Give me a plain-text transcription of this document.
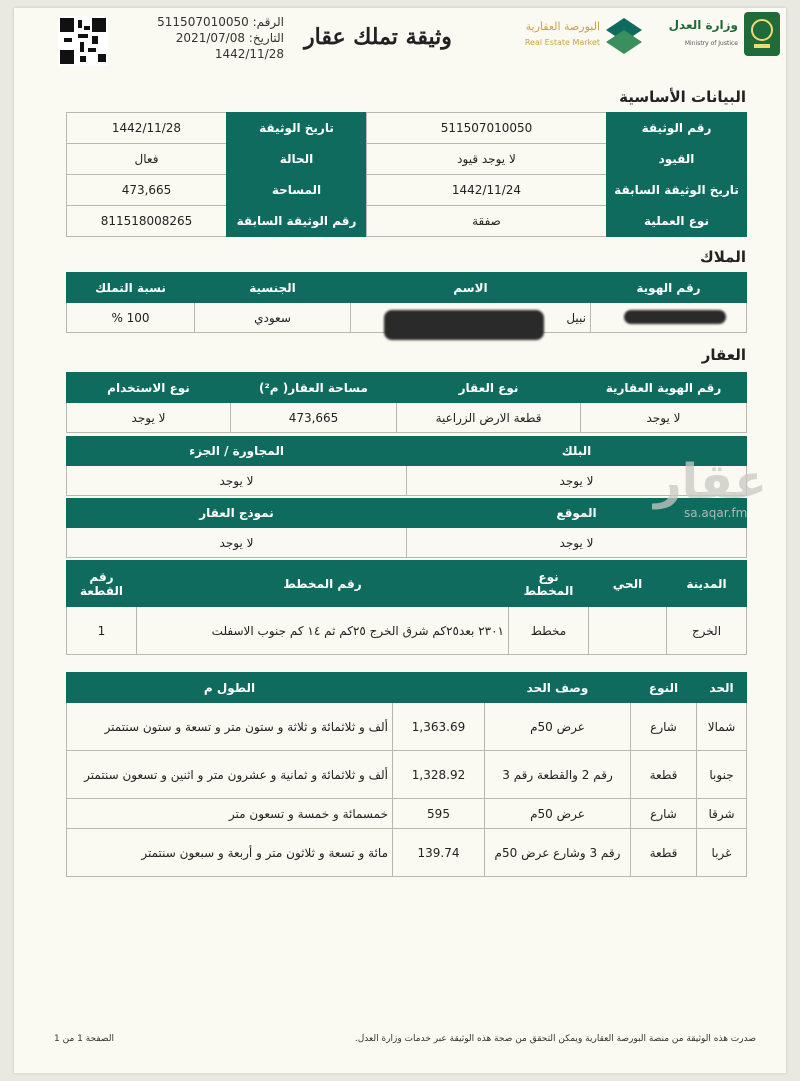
الرقم: 511507010050
التاريخ: 2021/07/08
1442/11/28
وثيقة تملك عقار	البورصة العقارية
Real Estate Market
وزارة العدل
Ministry of Justice
البيانات الأساسية
رقم الوثيقة	511507010050	تاريخ الوثيقة	1442/11/28
القيود	لا يوجد قيود	الحالة	فعال
تاريخ الوثيقة السابقة	1442/11/24	المساحة	473,665
نوع العملية	صفقة	رقم الوثيقة السابقة	811518008265
الملاك
رقم الهوية	الاسم	الجنسية	نسبة التملك
	نبيل	سعودي	100 %
العقار
رقم الهوية العقارية	نوع العقار	مساحة العقار( م²)	نوع الاستخدام
لا يوجد	قطعة الارض الزراعية	473,665	لا يوجد
البلك	المجاورة / الجزء
لا يوجد	لا يوجد
الموقع	نموذج العقار
لا يوجد	لا يوجد
المدينة	الحي	نوع المخطط	رقم المخطط	رقم القطعة
الخرج		مخطط	٢٣٠١ بعد٢٥كم شرق الخرج ٢٥كم ثم ١٤ كم جنوب الاسفلت	1
الحد	النوع	وصف الحد		الطول م
شمالا	شارع	عرض 50م	1,363.69	ألف و ثلاثمائة و ثلاثة و ستون متر و تسعة و ستون سنتمتر
جنوبا	قطعة	رقم 2 والقطعة رقم 3	1,328.92	ألف و ثلاثمائة و ثمانية و عشرون متر و اثنين و تسعون سنتمتر
شرقا	شارع	عرض 50م	595	خمسمائة و خمسة و تسعون متر
غربا	قطعة	رقم 3 وشارع عرض 50م	139.74	مائة و تسعة و ثلاثون متر و أربعة و سبعون سنتمتر
عقار
sa.aqar.fm
صدرت هذه الوثيقة من منصة البورصة العقارية ويمكن التحقق من صحة هذه الوثيقة عبر خدمات وزارة العدل.
الصفحة 1 من 1
